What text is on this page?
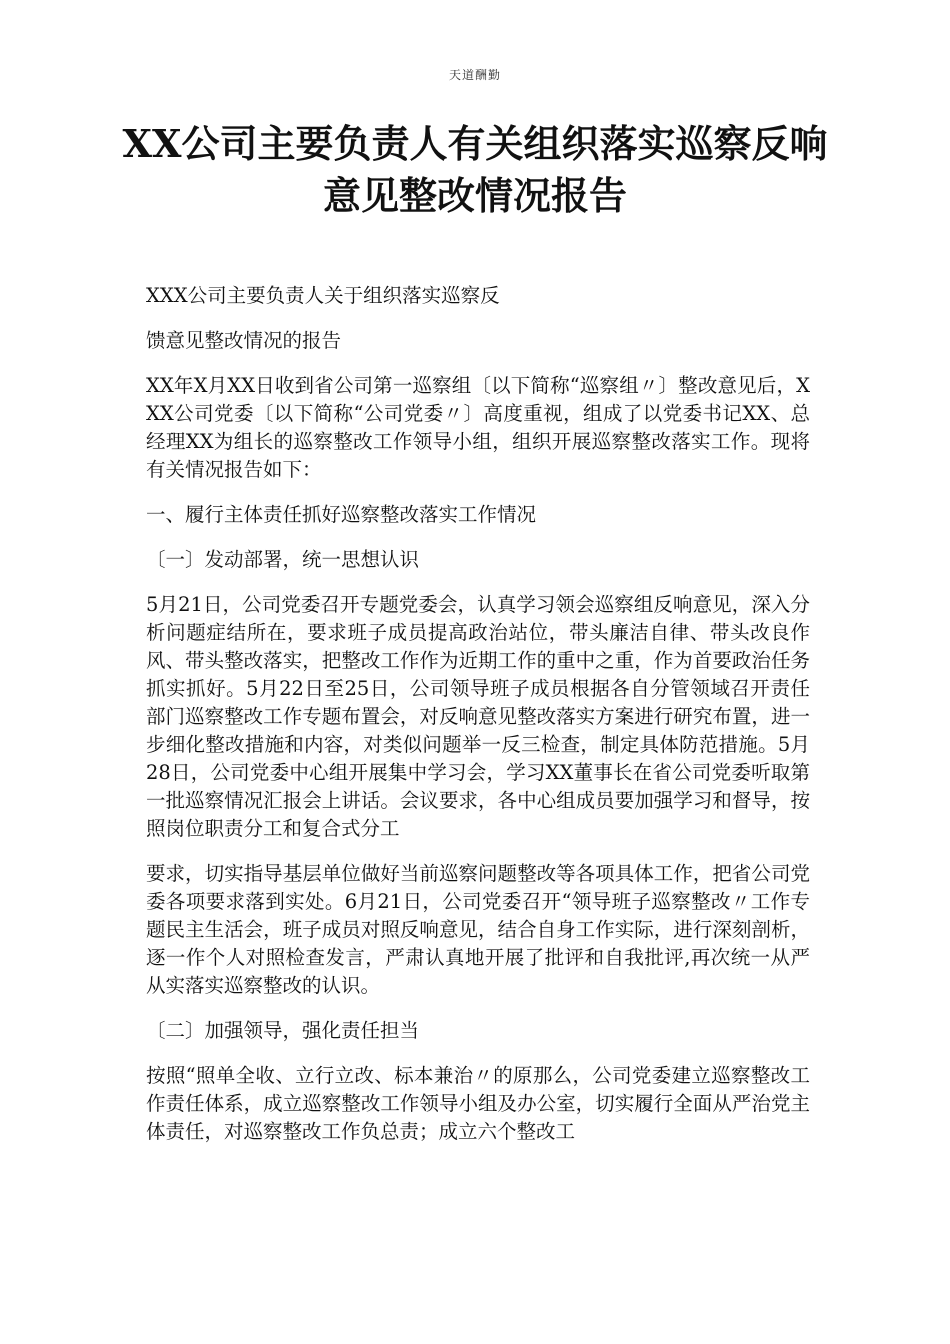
天道酬勤
XX公司主要负责人有关组织落实巡察反响意见整改情况报告

XXX公司主要负责人关于组织落实巡察反

馈意见整改情况的报告

XX年X月XX日收到省公司第一巡察组〔以下简称“巡察组〃〕整改意见后，XXX公司党委〔以下简称“公司党委〃〕高度重视，组成了以党委书记XX、总经理XX为组长的巡察整改工作领导小组，组织开展巡察整改落实工作。现将有关情况报告如下：

一、履行主体责任抓好巡察整改落实工作情况

〔一〕发动部署，统一思想认识

5月21日，公司党委召开专题党委会，认真学习领会巡察组反响意见，深入分析问题症结所在，要求班子成员提高政治站位，带头廉洁自律、带头改良作风、带头整改落实，把整改工作作为近期工作的重中之重，作为首要政治任务抓实抓好。5月22日至25日，公司领导班子成员根据各自分管领域召开责任部门巡察整改工作专题布置会，对反响意见整改落实方案进行研究布置，进一步细化整改措施和内容，对类似问题举一反三检查，制定具体防范措施。5月28日，公司党委中心组开展集中学习会，学习XX董事长在省公司党委听取第一批巡察情况汇报会上讲话。会议要求，各中心组成员要加强学习和督导，按照岗位职责分工和复合式分工

要求，切实指导基层单位做好当前巡察问题整改等各项具体工作，把省公司党委各项要求落到实处。6月21日，公司党委召开“领导班子巡察整改〃工作专题民主生活会，班子成员对照反响意见，结合自身工作实际，进行深刻剖析，逐一作个人对照检查发言，严肃认真地开展了批评和自我批评,再次统一从严从实落实巡察整改的认识。

〔二〕加强领导，强化责任担当

按照“照单全收、立行立改、标本兼治〃的原那么，公司党委建立巡察整改工作责任体系，成立巡察整改工作领导小组及办公室，切实履行全面从严治党主体责任，对巡察整改工作负总责；成立六个整改工
